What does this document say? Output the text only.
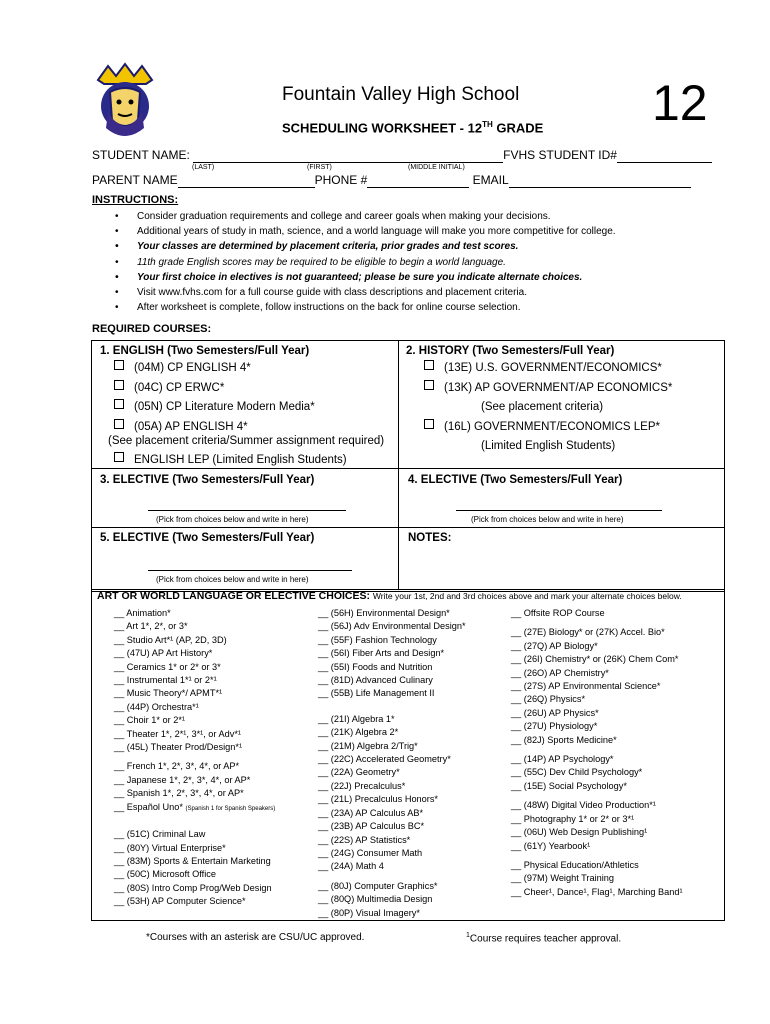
Fountain Valley High School	12
SCHEDULING WORKSHEET - 12TH GRADE
STUDENT NAME:	FVHS STUDENT ID#
(LAST)	(FIRST)	(MIDDLE INITIAL)
PARENT NAME	PHONE #	EMAIL
INSTRUCTIONS:
• Consider graduation requirements and college and career goals when making your decisions.
• Additional years of study in math, science, and a world language will make you more competitive for college.
• Your classes are determined by placement criteria, prior grades and test scores.
• 11th grade English scores may be required to be eligible to begin a world language.
• Your first choice in electives is not guaranteed; please be sure you indicate alternate choices.
• Visit www.fvhs.com for a full course guide with class descriptions and placement criteria.
• After worksheet is complete, follow instructions on the back for online course selection.
REQUIRED COURSES:
1. ENGLISH (Two Semesters/Full Year)
(04M) CP ENGLISH 4*
(04C) CP ERWC*
(05N) CP Literature Modern Media*
(05A) AP ENGLISH 4*
(See placement criteria/Summer assignment required)
ENGLISH LEP (Limited English Students)
2. HISTORY (Two Semesters/Full Year)
(13E) U.S. GOVERNMENT/ECONOMICS*
(13K) AP GOVERNMENT/AP ECONOMICS*
(See placement criteria)
(16L) GOVERNMENT/ECONOMICS LEP*
(Limited English Students)
3. ELECTIVE (Two Semesters/Full Year)
(Pick from choices below and write in here)
4. ELECTIVE (Two Semesters/Full Year)
(Pick from choices below and write in here)
5. ELECTIVE (Two Semesters/Full Year)
(Pick from choices below and write in here)
NOTES:
ART OR WORLD LANGUAGE OR ELECTIVE CHOICES: Write your 1st, 2nd and 3rd choices above and mark your alternate choices below.
__ Animation*
__ Art 1*, 2*, or 3*
__ Studio Art*¹ (AP, 2D, 3D)
__ (47U) AP Art History*
__ Ceramics 1* or 2* or 3*
__ Instrumental 1*¹ or 2*¹
__ Music Theory*/ APMT*¹
__ (44P) Orchestra*¹
__ Choir 1* or 2*¹
__ Theater 1*, 2*¹, 3*¹, or Adv*¹
__ (45L) Theater Prod/Design*¹
__ French 1*, 2*, 3*, 4*, or AP*
__ Japanese 1*, 2*, 3*, 4*, or AP*
__ Spanish 1*, 2*, 3*, 4*, or AP*
__ Español Uno* (Spanish 1 for Spanish Speakers)
__ (51C) Criminal Law
__ (80Y) Virtual Enterprise*
__ (83M) Sports & Entertain Marketing
__ (50C) Microsoft Office
__ (80S) Intro Comp Prog/Web Design
__ (53H) AP Computer Science*
__ (56H) Environmental Design*
__ (56J) Adv Environmental Design*
__ (55F) Fashion Technology
__ (56I) Fiber Arts and Design*
__ (55I) Foods and Nutrition
__ (81D) Advanced Culinary
__ (55B) Life Management II
__ (21I) Algebra 1*
__ (21K) Algebra 2*
__ (21M) Algebra 2/Trig*
__ (22C) Accelerated Geometry*
__ (22A) Geometry*
__ (22J) Precalculus*
__ (21L) Precalculus Honors*
__ (23A) AP Calculus AB*
__ (23B) AP Calculus BC*
__ (22S) AP Statistics*
__ (24G) Consumer Math
__ (24A) Math 4
__ (80J) Computer Graphics*
__ (80Q) Multimedia Design
__ (80P) Visual Imagery*
__ Offsite ROP Course
__ (27E) Biology* or (27K) Accel. Bio*
__ (27Q) AP Biology*
__ (26I) Chemistry* or (26K) Chem Com*
__ (26O) AP Chemistry*
__ (27S) AP Environmental Science*
__ (26Q) Physics*
__ (26U) AP Physics*
__ (27U) Physiology*
__ (82J) Sports Medicine*
__ (14P) AP Psychology*
__ (55C) Dev Child Psychology*
__ (15E) Social Psychology*
__ (48W) Digital Video Production*¹
__ Photography 1* or 2* or 3*¹
__ (06U) Web Design Publishing¹
__ (61Y) Yearbook¹
__ Physical Education/Athletics
__ (97M) Weight Training
__ Cheer¹, Dance¹, Flag¹, Marching Band¹
*Courses with an asterisk are CSU/UC approved.	$^1$Course requires teacher approval.
